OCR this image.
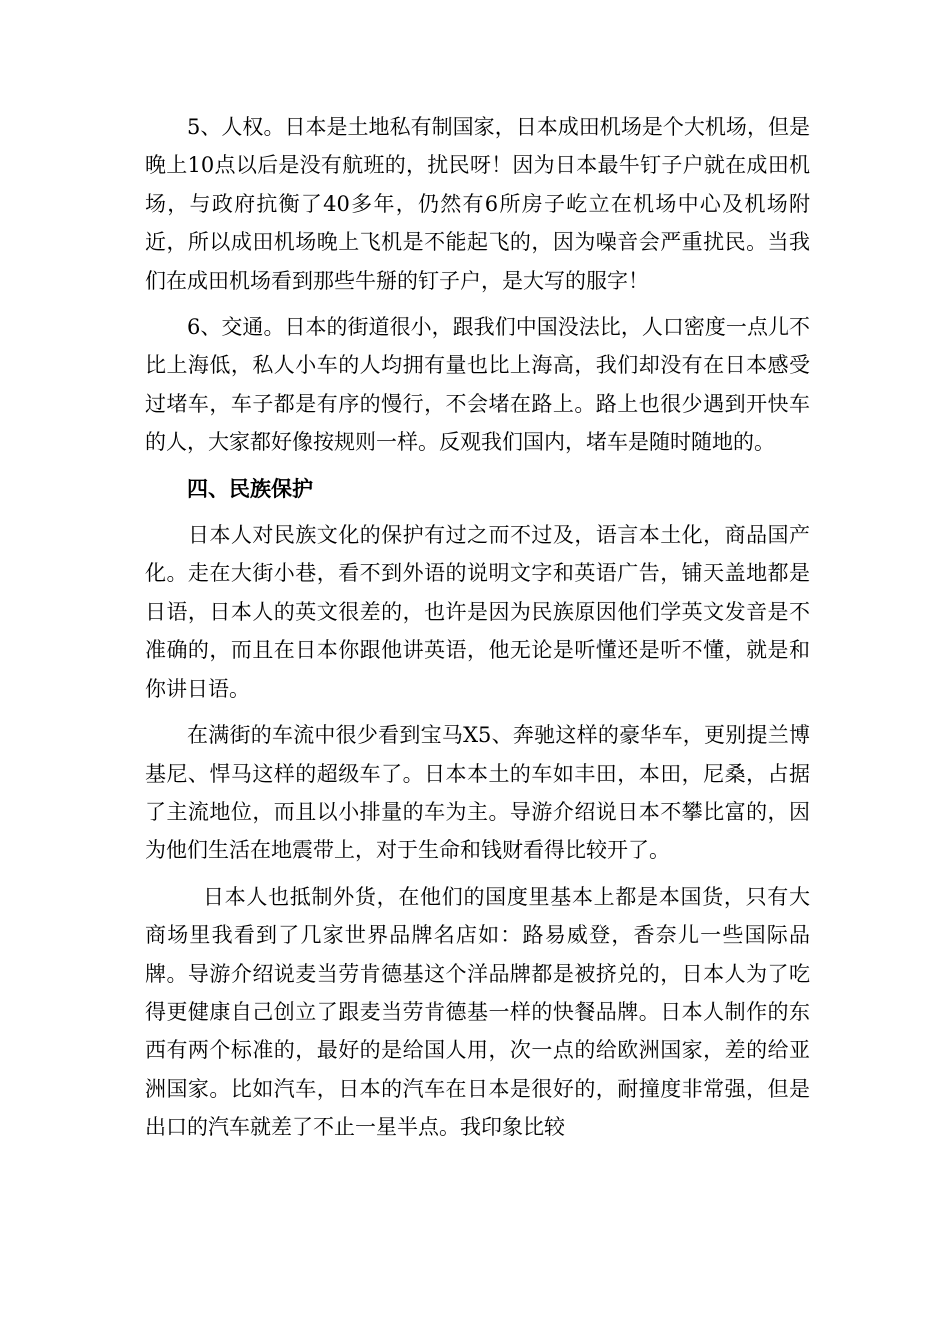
5、人权。日本是土地私有制国家，日本成田机场是个大机场，但是晚上10点以后是没有航班的，扰民呀！因为日本最牛钉子户就在成田机场，与政府抗衡了40多年，仍然有6所房子屹立在机场中心及机场附近，所以成田机场晚上飞机是不能起飞的，因为噪音会严重扰民。当我们在成田机场看到那些牛掰的钉子户，是大写的服字！

6、交通。日本的街道很小，跟我们中国没法比，人口密度一点儿不比上海低，私人小车的人均拥有量也比上海高，我们却没有在日本感受过堵车，车子都是有序的慢行，不会堵在路上。路上也很少遇到开快车的人，大家都好像按规则一样。反观我们国内，堵车是随时随地的。

四、民族保护

日本人对民族文化的保护有过之而不过及，语言本土化，商品国产化。走在大街小巷，看不到外语的说明文字和英语广告，铺天盖地都是日语，日本人的英文很差的，也许是因为民族原因他们学英文发音是不准确的，而且在日本你跟他讲英语，他无论是听懂还是听不懂，就是和你讲日语。

在满街的车流中很少看到宝马X5、奔驰这样的豪华车，更别提兰博基尼、悍马这样的超级车了。日本本土的车如丰田，本田，尼桑，占据了主流地位，而且以小排量的车为主。导游介绍说日本不攀比富的，因为他们生活在地震带上，对于生命和钱财看得比较开了。

日本人也抵制外货，在他们的国度里基本上都是本国货，只有大商场里我看到了几家世界品牌名店如：路易威登，香奈儿一些国际品牌。导游介绍说麦当劳肯德基这个洋品牌都是被挤兑的，日本人为了吃得更健康自己创立了跟麦当劳肯德基一样的快餐品牌。日本人制作的东西有两个标准的，最好的是给国人用，次一点的给欧洲国家，差的给亚洲国家。比如汽车，日本的汽车在日本是很好的，耐撞度非常强，但是出口的汽车就差了不止一星半点。我印象比较
